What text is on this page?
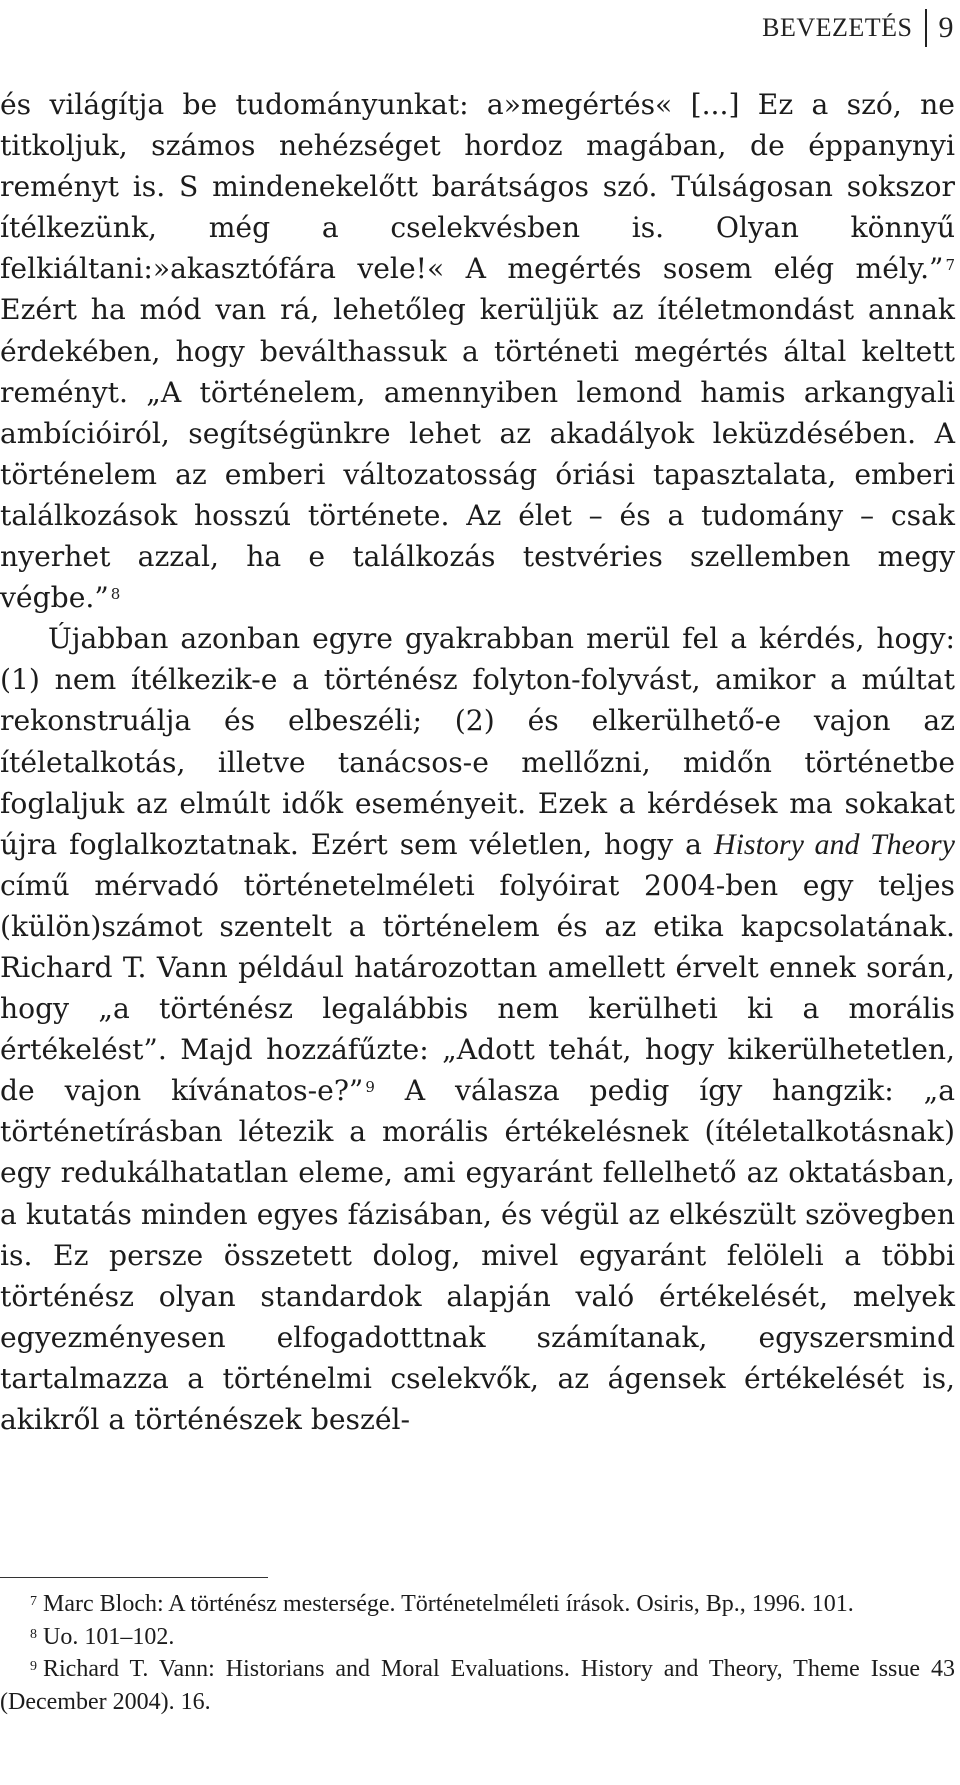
BEVEZETÉS 9

és világítja be tudományunkat: a»megértés« [...] Ez a szó, ne titkoljuk, számos nehézséget hordoz magában, de éppanynyi reményt is. S mindenekelőtt barátságos szó. Túlságosan sokszor ítélkezünk, még a cselekvésben is. Olyan könnyű felkiáltani:»akasztófára vele!« A megértés sosem elég mély.” $^7$ Ezért ha mód van rá, lehetőleg kerüljük az ítéletmondást annak érdekében, hogy beválthassuk a történeti megértés által keltett reményt. „A történelem, amennyiben lemond hamis arkangyali ambícióiról, segítségünkre lehet az akadályok leküzdésében. A történelem az emberi változatosság óriási tapasztalata, emberi találkozások hosszú története. Az élet – és a tudomány – csak nyerhet azzal, ha e találkozás testvéries szellemben megy végbe.” $^8$

Újabban azonban egyre gyakrabban merül fel a kérdés, hogy: (1) nem ítélkezik-e a történész folyton-folyvást, amikor a múltat rekonstruálja és elbeszéli; (2) és elkerülhető-e vajon az ítéletalkotás, illetve tanácsos-e mellőzni, midőn történetbe foglaljuk az elmúlt idők eseményeit. Ezek a kérdések ma sokakat újra foglalkoztatnak. Ezért sem véletlen, hogy a History and Theory című mérvadó történetelméleti folyóirat 2004-ben egy teljes (külön)számot szentelt a történelem és az etika kapcsolatának. Richard T. Vann például határozottan amellett érvelt ennek során, hogy „a történész legalábbis nem kerülheti ki a morális értékelést”. Majd hozzáfűzte: „Adott tehát, hogy kikerülhetetlen, de vajon kívánatos-e?” $^9$ A válasza pedig így hangzik: „a történetírásban létezik a morális értékelésnek (ítéletalkotásnak) egy redukálhatatlan eleme, ami egyaránt fellelhető az oktatásban, a kutatás minden egyes fázisában, és végül az elkészült szövegben is. Ez persze összetett dolog, mivel egyaránt felöleli a többi történész olyan standardok alapján való értékelését, melyek egyezményesen elfogadotttnak számítanak, egyszersmind tartalmazza a történelmi cselekvők, az ágensek értékelését is, akikről a történészek beszél-

$^7$ Marc Bloch: A történész mestersége. Történetelméleti írások. Osiris, Bp., 1996. 101.

$^8$ Uo. 101–102.

$^9$ Richard T. Vann: Historians and Moral Evaluations. History and Theory, Theme Issue 43 (December 2004). 16.
